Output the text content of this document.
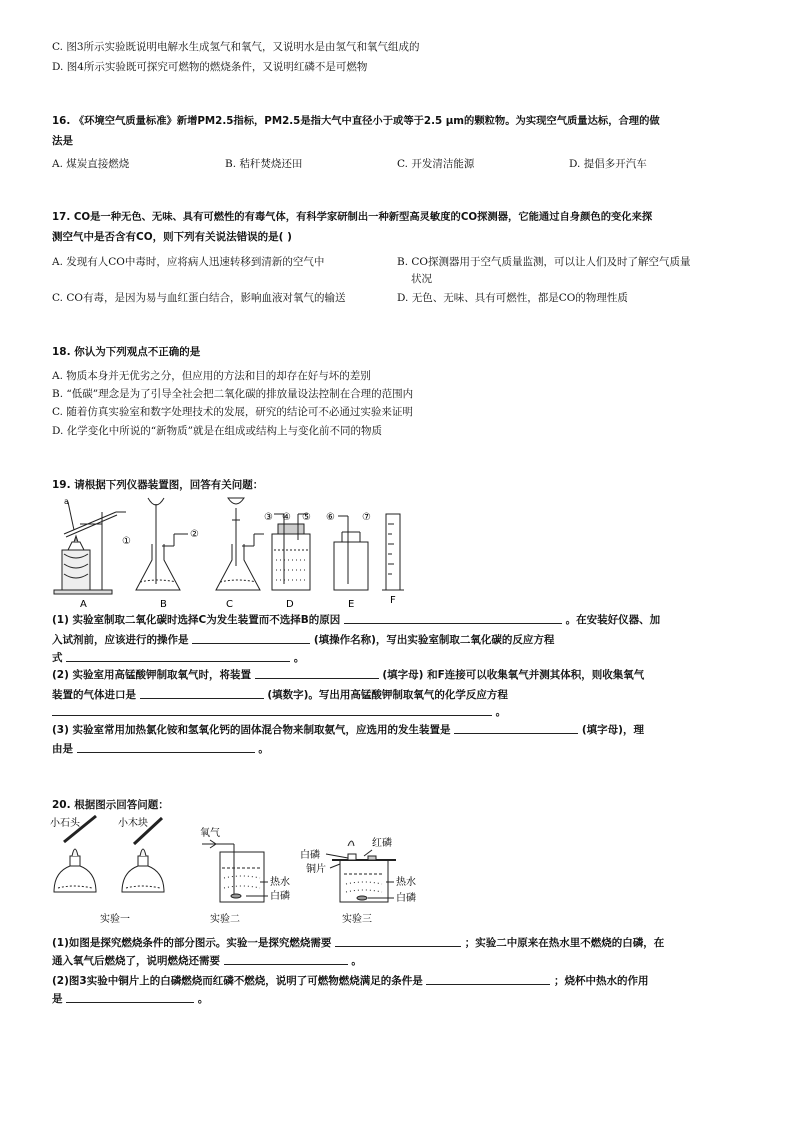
C. 图3所示实验既说明电解水生成氢气和氧气，又说明水是由氢气和氧气组成的
D. 图4所示实验既可探究可燃物的燃烧条件，又说明红磷不是可燃物
16. 《环境空气质量标准》新增PM2.5指标，PM2.5是指大气中直径小于或等于2.5 μm的颗粒物。为实现空气质量达标，合理的做
法是
A. 煤炭直接燃烧	B. 秸秆焚烧还田	C. 开发清洁能源	D. 提倡多开汽车
17. CO是一种无色、无味、具有可燃性的有毒气体，有科学家研制出一种新型高灵敏度的CO探测器，它能通过自身颜色的变化来探
测空气中是否含有CO，则下列有关说法错误的是( )
A. 发现有人CO中毒时，应将病人迅速转移到清新的空气中	B. CO探测器用于空气质量监测，可以让人们及时了解空气质量
状况
C. CO有毒，是因为易与血红蛋白结合，影响血液对氧气的输送	D. 无色、无味、具有可燃性，都是CO的物理性质
18. 你认为下列观点不正确的是
A. 物质本身并无优劣之分，但应用的方法和目的却存在好与坏的差别
B. “低碳”理念是为了引导全社会把二氧化碳的排放量设法控制在合理的范围内
C. 随着仿真实验室和数字处理技术的发展，研究的结论可不必通过实验来证明
D. 化学变化中所说的“新物质”就是在组成或结构上与变化前不同的物质
19. 请根据下列仪器装置图，回答有关问题：
a
①
②
③ ④ ⑤ ⑥	⑦
A	B	C	D	E	F
(1) 实验室制取二氧化碳时选择C为发生装置而不选择B的原因	。在安装好仪器、加
入试剂前，应该进行的操作是	(填操作名称)，写出实验室制取二氧化碳的反应方程
式	。
(2) 实验室用高锰酸钾制取氧气时，将装置	(填字母) 和F连接可以收集氧气并测其体积，则收集氧气
装置的气体进口是	(填数字)。写出用高锰酸钾制取氧气的化学反应方程
。
(3) 实验室常用加热氯化铵和氢氧化钙的固体混合物来制取氨气，应选用的发生装置是	(填字母)，理
由是	。
20. 根据图示回答问题：
小石头	小木块
氧气
热水
白磷
红磷
白磷
铜片
热水
白磷
实验一	实验二	实验三
(1)如图是探究燃烧条件的部分图示。实验一是探究燃烧需要	；实验二中原来在热水里不燃烧的白磷，在
通入氧气后燃烧了，说明燃烧还需要	。
(2)图3实验中铜片上的白磷燃烧而红磷不燃烧，说明了可燃物燃烧满足的条件是	；烧杯中热水的作用
是	。
